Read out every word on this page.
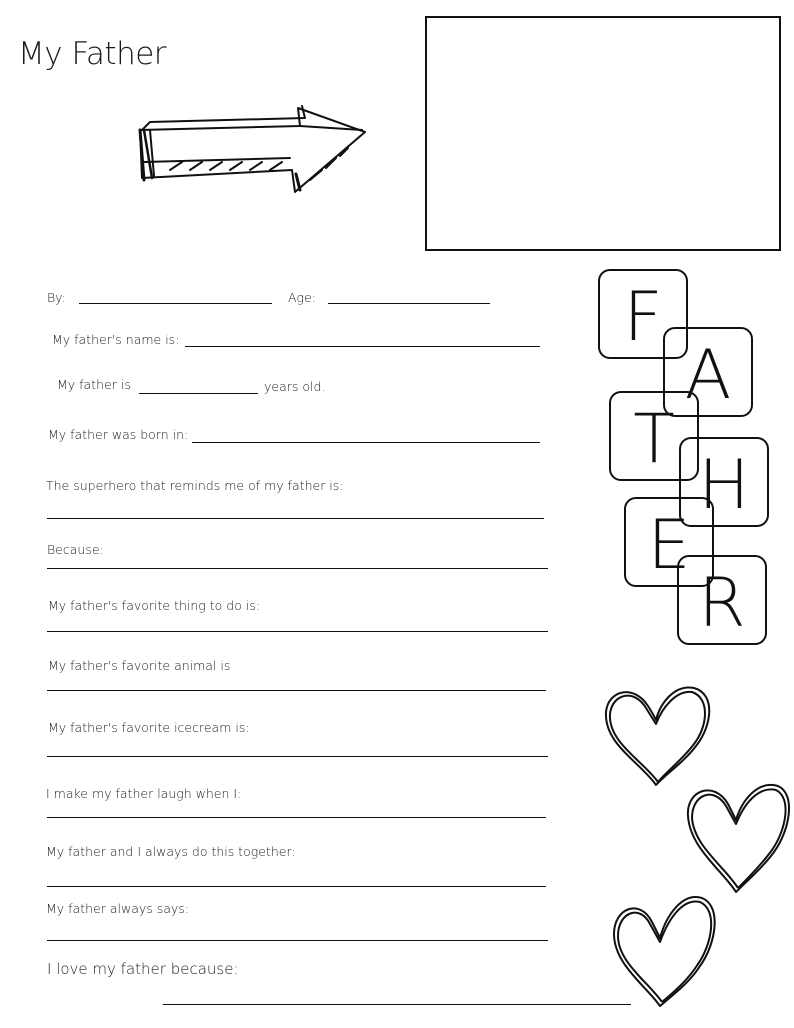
My Father
By:	Age:
My father's name is:
My father is	years old.
My father was born in:
The superhero that reminds me of my father is:
Because:
My father's favorite thing to do is:
My father's favorite animal is
My father's favorite icecream is:
I make my father laugh when I:
My father and I always do this together:
My father always says:
I love my father because:
F
A
T
H
E
R
